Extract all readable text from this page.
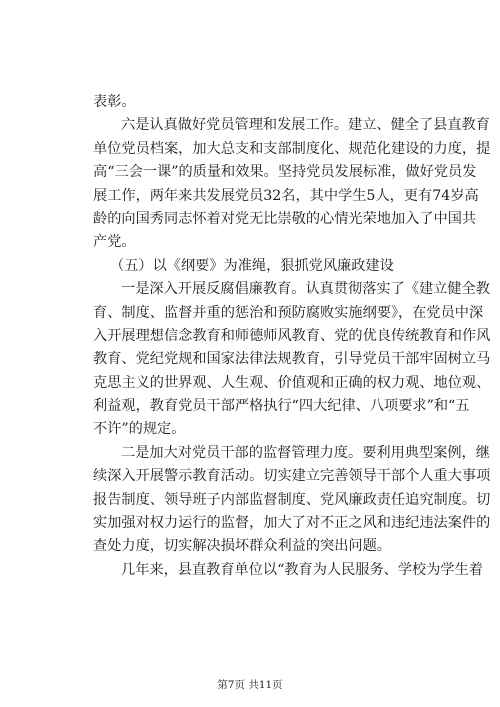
表彰。
六是认真做好党员管理和发展工作。建立、健全了县直教育
单位党员档案，加大总支和支部制度化、规范化建设的力度，提
高“三会一课”的质量和效果。坚持党员发展标准，做好党员发
展工作，两年来共发展党员32名，其中学生5人，更有74岁高
龄的向国秀同志怀着对党无比崇敬的心情光荣地加入了中国共
产党。
（五）以《纲要》为准绳，狠抓党风廉政建设
一是深入开展反腐倡廉教育。认真贯彻落实了《建立健全教
育、制度、监督并重的惩治和预防腐败实施纲要》，在党员中深
入开展理想信念教育和师德师风教育、党的优良传统教育和作风
教育、党纪党规和国家法律法规教育，引导党员干部牢固树立马
克思主义的世界观、人生观、价值观和正确的权力观、地位观、
利益观，教育党员干部严格执行“四大纪律、八项要求”和“五
不许”的规定。
二是加大对党员干部的监督管理力度。要利用典型案例，继
续深入开展警示教育活动。切实建立完善领导干部个人重大事项
报告制度、领导班子内部监督制度、党风廉政责任追究制度。切
实加强对权力运行的监督，加大了对不正之风和违纪违法案件的
查处力度，切实解决损坏群众利益的突出问题。
几年来，县直教育单位以“教育为人民服务、学校为学生着
第7页 共11页
